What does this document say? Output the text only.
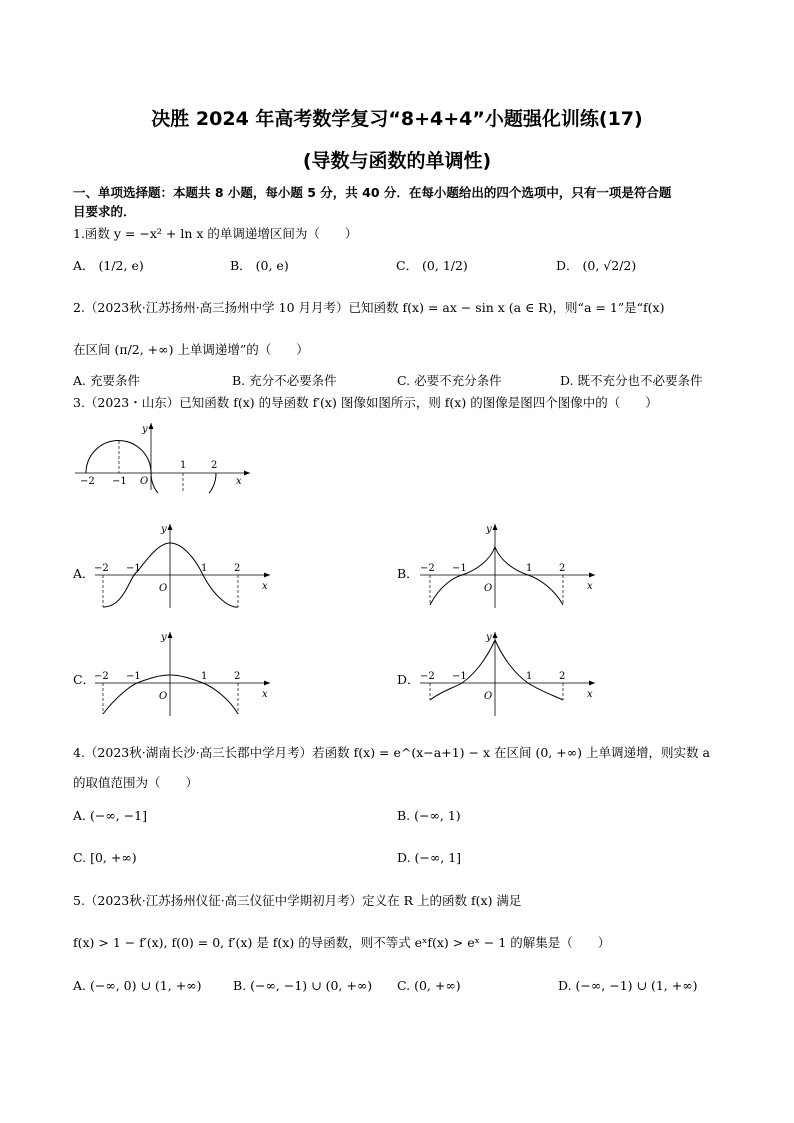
决胜 2024 年高考数学复习“8+4+4”小题强化训练(17)
(导数与函数的单调性)
一、单项选择题：本题共 8 小题，每小题 5 分，共 40 分．在每小题给出的四个选项中，只有一项是符合题
目要求的．
1.函数 y = −x² + ln x 的单调递增区间为（　　）
A． (1/2, e)	B． (0, e)	C． (0, 1/2)	D． (0, √2/2)
2.（2023秋·江苏扬州·高三扬州中学 10 月月考）已知函数 f(x) = ax − sin x (a ∈ R)，则“a = 1”是“f(x)
在区间 (π/2, +∞) 上单调递增”的（　　）
A. 充要条件	B. 充分不必要条件	C. 必要不充分条件	D. 既不充分也不必要条件
3.（2023・山东）已知函数 f(x) 的导函数 f′(x) 图像如图所示，则 f(x) 的图像是图四个图像中的（　　）
−2 −1 O
1 2
x
y
A． −2 −1
O
1	2
x
y
B． −2 −1
O
1	2
x
y
C．
−2 −1
O
1	2
x
y
D． −2 −1
O
1	2
x
y
4.（2023秋·湖南长沙·高三长郡中学月考）若函数 f(x) = e^(x−a+1) − x 在区间 (0, +∞) 上单调递增，则实数 a
的取值范围为（　　）
A. (−∞, −1]	B. (−∞, 1)
C. [0, +∞)	D. (−∞, 1]
5.（2023秋·江苏扬州仪征·高三仪征中学期初月考）定义在 R 上的函数 f(x) 满足
f(x) > 1 − f′(x), f(0) = 0, f′(x) 是 f(x) 的导函数，则不等式 eˣf(x) > eˣ − 1 的解集是（　　）
A. (−∞, 0) ∪ (1, +∞)	B. (−∞, −1) ∪ (0, +∞) C. (0, +∞)	D. (−∞, −1) ∪ (1, +∞)
